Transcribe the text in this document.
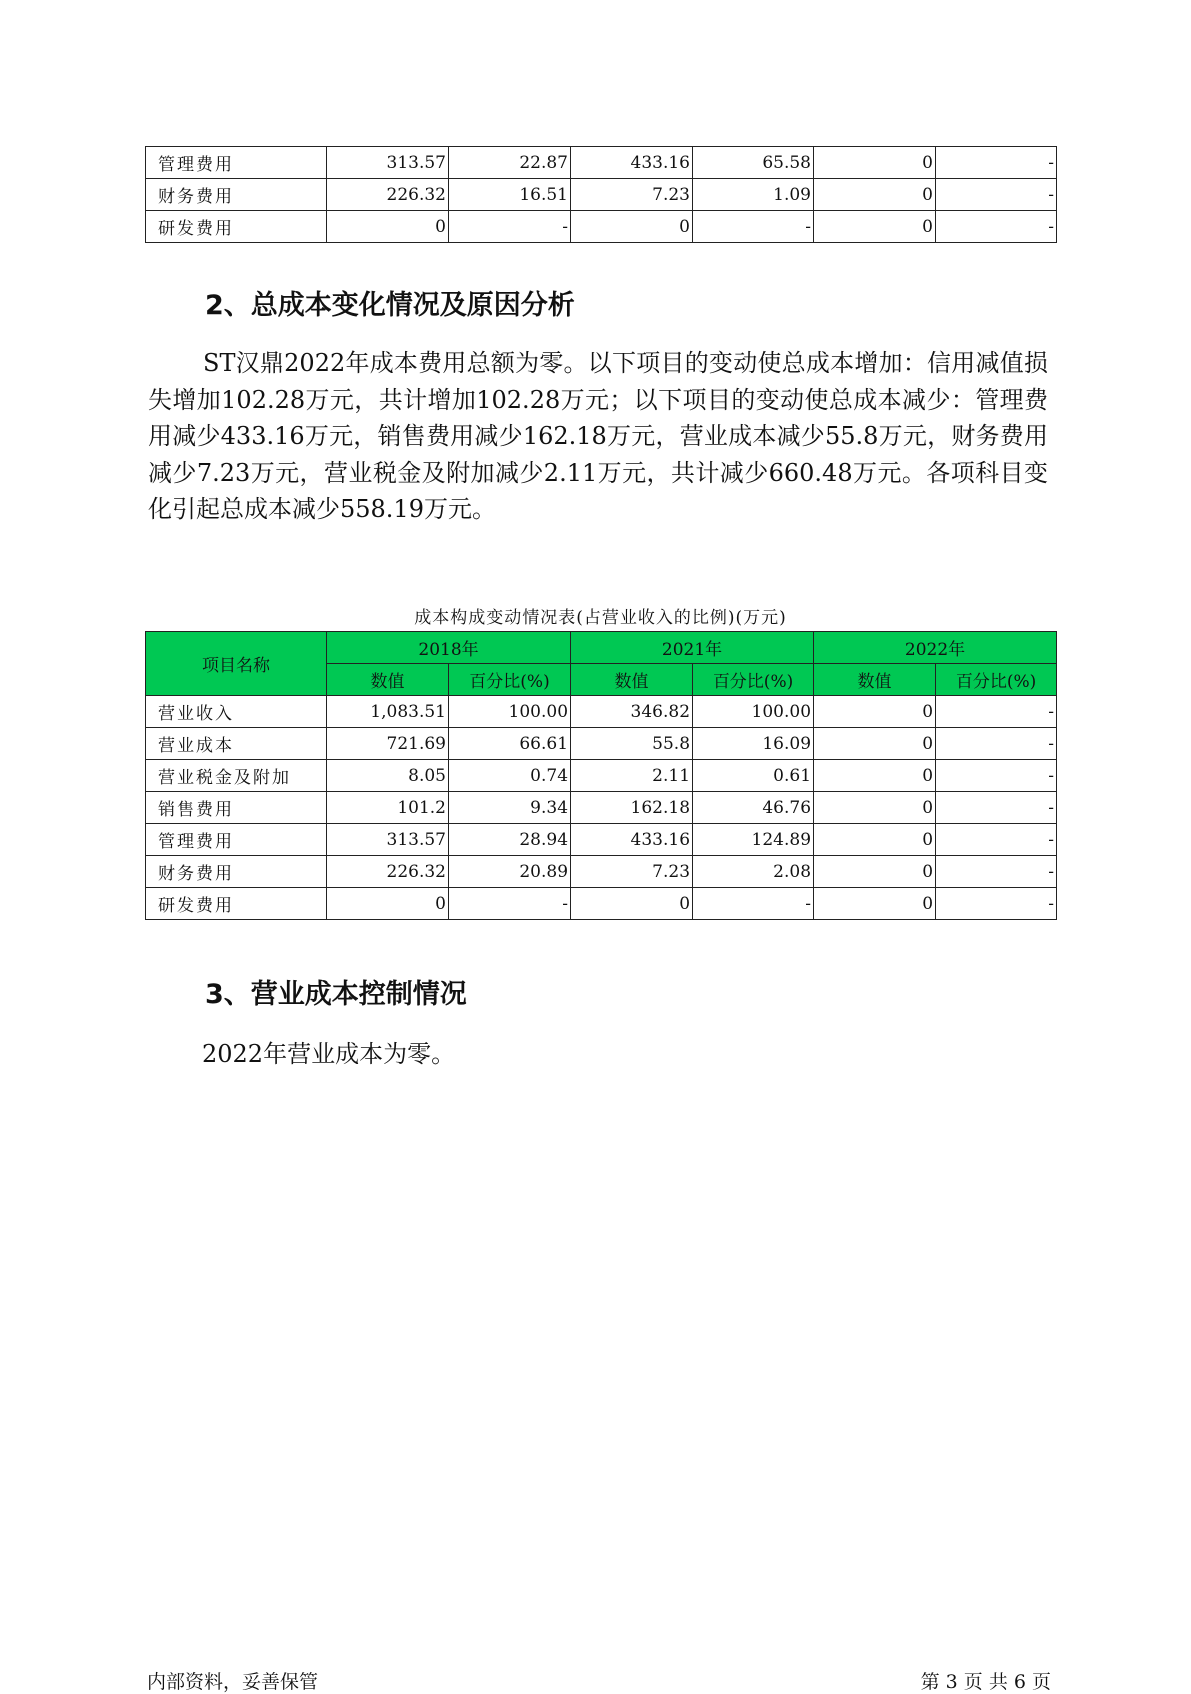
管理费用	313.57	22.87	433.16	65.58	0	-
财务费用	226.32	16.51	7.23	1.09	0	-
研发费用	0	-	0	-	0	-
2、总成本变化情况及原因分析

ST汉鼎2022年成本费用总额为零。以下项目的变动使总成本增加：信用减值损失增加102.28万元，共计增加102.28万元；以下项目的变动使总成本减少：管理费用减少433.16万元，销售费用减少162.18万元，营业成本减少55.8万元，财务费用减少7.23万元，营业税金及附加减少2.11万元，共计减少660.48万元。各项科目变化引起总成本减少558.19万元。

成本构成变动情况表(占营业收入的比例)(万元)

项目名称	2018年		2021年		2022年	
	数值	百分比(%)	数值	百分比(%)	数值	百分比(%)
营业收入	1,083.51	100.00	346.82	100.00	0	-
营业成本	721.69	66.61	55.8	16.09	0	-
营业税金及附加	8.05	0.74	2.11	0.61	0	-
销售费用	101.2	9.34	162.18	46.76	0	-
管理费用	313.57	28.94	433.16	124.89	0	-
财务费用	226.32	20.89	7.23	2.08	0	-
研发费用	0	-	0	-	0	-
3、营业成本控制情况

2022年营业成本为零。

内部资料，妥善保管	第 3 页 共 6 页
